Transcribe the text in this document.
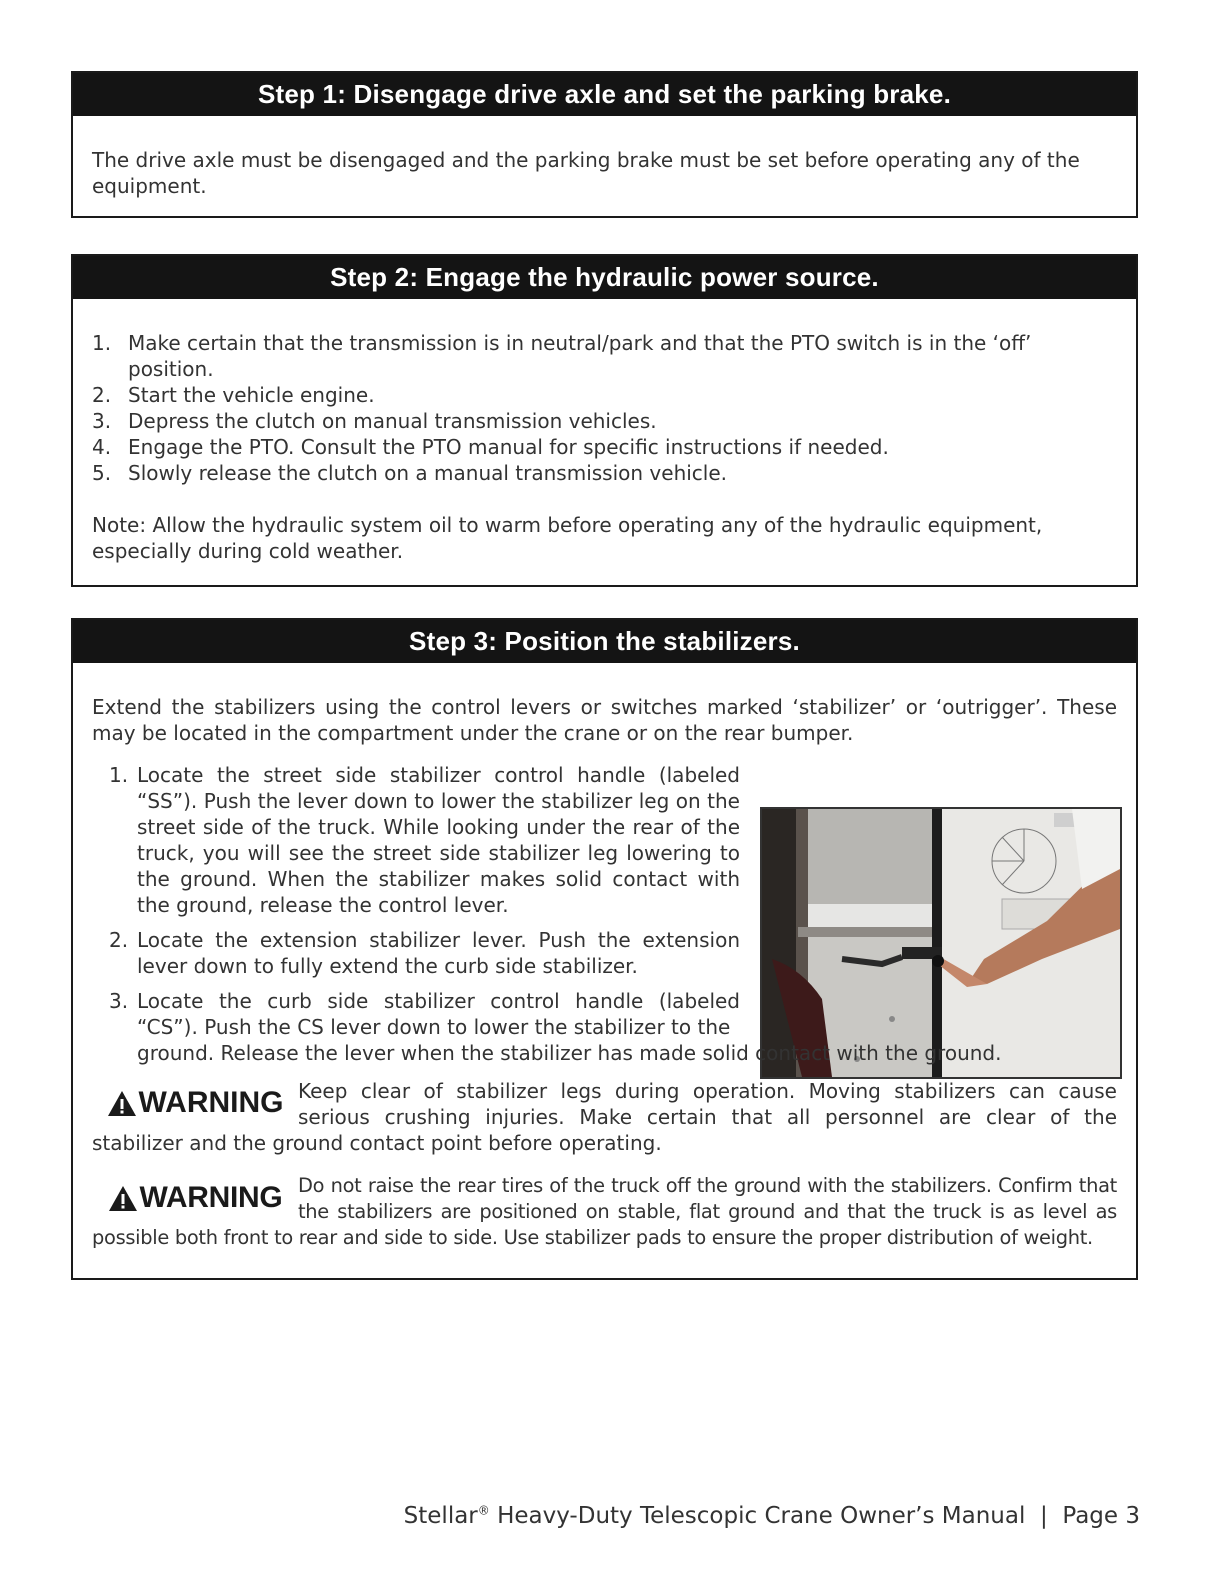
Step 1: Disengage drive axle and set the parking brake.

The drive axle must be disengaged and the parking brake must be set before operating any of the equipment.

Step 2: Engage the hydraulic power source.
1. Make certain that the transmission is in neutral/park and that the PTO switch is in the ‘off’ position.
2. Start the vehicle engine.
3. Depress the clutch on manual transmission vehicles.
4. Engage the PTO. Consult the PTO manual for specific instructions if needed.
5. Slowly release the clutch on a manual transmission vehicle.

Note: Allow the hydraulic system oil to warm before operating any of the hydraulic equipment, especially during cold weather.

Step 3: Position the stabilizers.

Extend the stabilizers using the control levers or switches marked ‘stabilizer’ or ‘outrigger’. These may be located in the compartment under the crane or on the rear bumper.

1. Locate the street side stabilizer control handle (labeled “SS”). Push the lever down to lower the stabilizer leg on the street side of the truck. While looking under the rear of the truck, you will see the street side stabilizer leg lowering to the ground. When the stabilizer makes solid contact with the ground, release the control lever.
2. Locate the extension stabilizer lever. Push the extension lever down to fully extend the curb side stabilizer.
3. Locate the curb side stabilizer control handle (labeled “CS”). Push the CS lever down to lower the stabilizer to the
ground. Release the lever when the stabilizer has made solid contact with the ground.
WARNING Keep clear of stabilizer legs during operation. Moving stabilizers can cause serious crushing injuries. Make certain that all personnel are clear of the stabilizer and the ground contact point before operating.

WARNING Do not raise the rear tires of the truck off the ground with the stabilizers. Confirm that the stabilizers are positioned on stable, flat ground and that the truck is as level as possible both front to rear and side to side. Use stabilizer pads to ensure the proper distribution of weight.

Stellar® Heavy-Duty Telescopic Crane Owner’s Manual  |  Page 3
